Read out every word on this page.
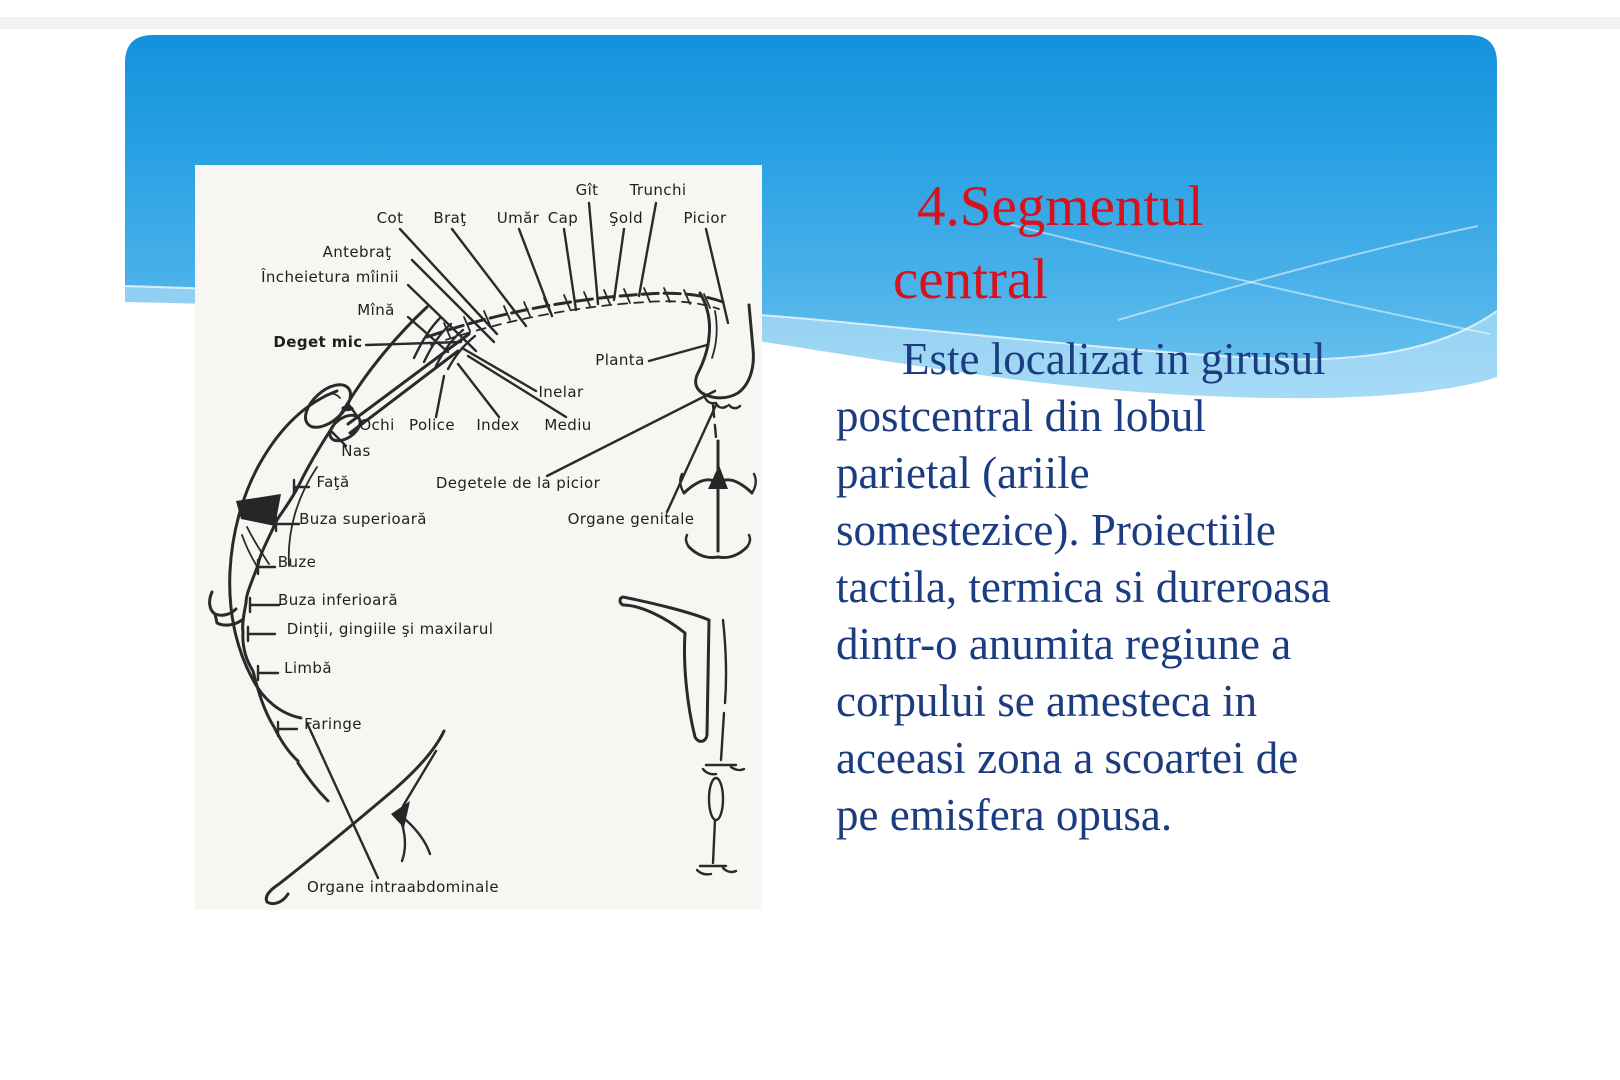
4.Segmentul
central
Este localizat in girusul
postcentral din lobul
parietal (ariile
somestezice). Proiectiile
tactila, termica si dureroasa
dintr-o anumita regiune a
corpului se amesteca in
aceeasi zona a scoartei de
pe emisfera opusa.
Gît Trunchi
Cot Braţ Umăr Cap Şold	Picior
Antebraţ
Încheietura mîinii
Mînă
Deget mic
Planta
Inelar
Ochi Police Index Mediu
Nas
Faţă	Degetele de la picior
Buza superioară	Organe genitale
Buze
Buza inferioară
Dinţii, gingiile şi maxilarul
Limbă
Faringe
Organe intraabdominale
